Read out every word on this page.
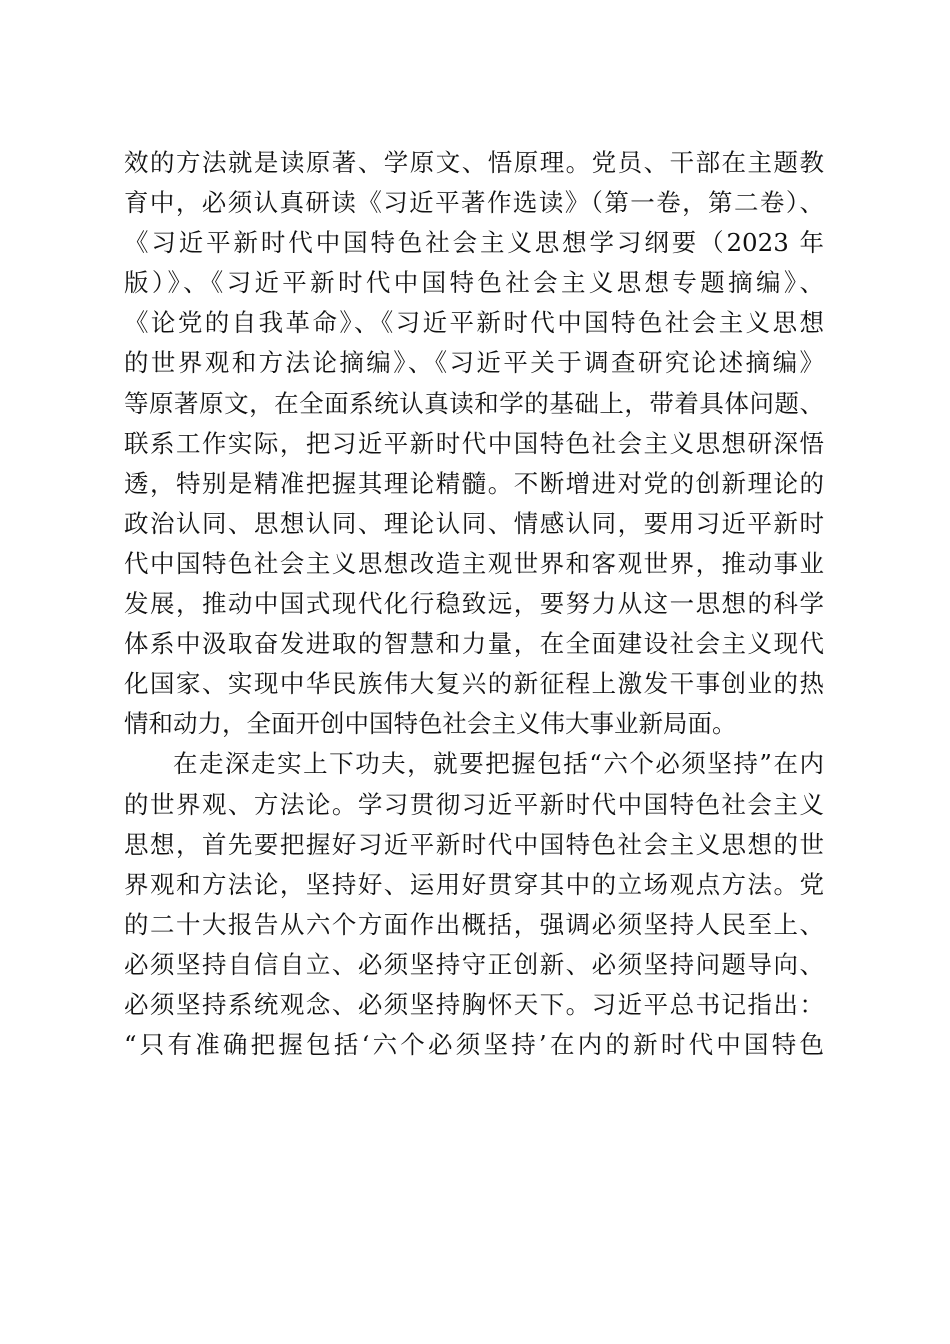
效的方法就是读原著、学原文、悟原理。党员、干部在主题教
育中，必须认真研读《习近平著作选读》（第一卷，第二卷）、
《习近平新时代中国特色社会主义思想学习纲要（2023 年
版）》、《习近平新时代中国特色社会主义思想专题摘编》、
《论党的自我革命》、《习近平新时代中国特色社会主义思想
的世界观和方法论摘编》、《习近平关于调查研究论述摘编》
等原著原文，在全面系统认真读和学的基础上，带着具体问题、
联系工作实际，把习近平新时代中国特色社会主义思想研深悟
透，特别是精准把握其理论精髓。不断增进对党的创新理论的
政治认同、思想认同、理论认同、情感认同，要用习近平新时
代中国特色社会主义思想改造主观世界和客观世界，推动事业
发展，推动中国式现代化行稳致远，要努力从这一思想的科学
体系中汲取奋发进取的智慧和力量，在全面建设社会主义现代
化国家、实现中华民族伟大复兴的新征程上激发干事创业的热
情和动力，全面开创中国特色社会主义伟大事业新局面。
在走深走实上下功夫，就要把握包括“六个必须坚持”在内
的世界观、方法论。学习贯彻习近平新时代中国特色社会主义
思想，首先要把握好习近平新时代中国特色社会主义思想的世
界观和方法论，坚持好、运用好贯穿其中的立场观点方法。党
的二十大报告从六个方面作出概括，强调必须坚持人民至上、
必须坚持自信自立、必须坚持守正创新、必须坚持问题导向、
必须坚持系统观念、必须坚持胸怀天下。习近平总书记指出：
“只有准确把握包括‘六个必须坚持’在内的新时代中国特色
